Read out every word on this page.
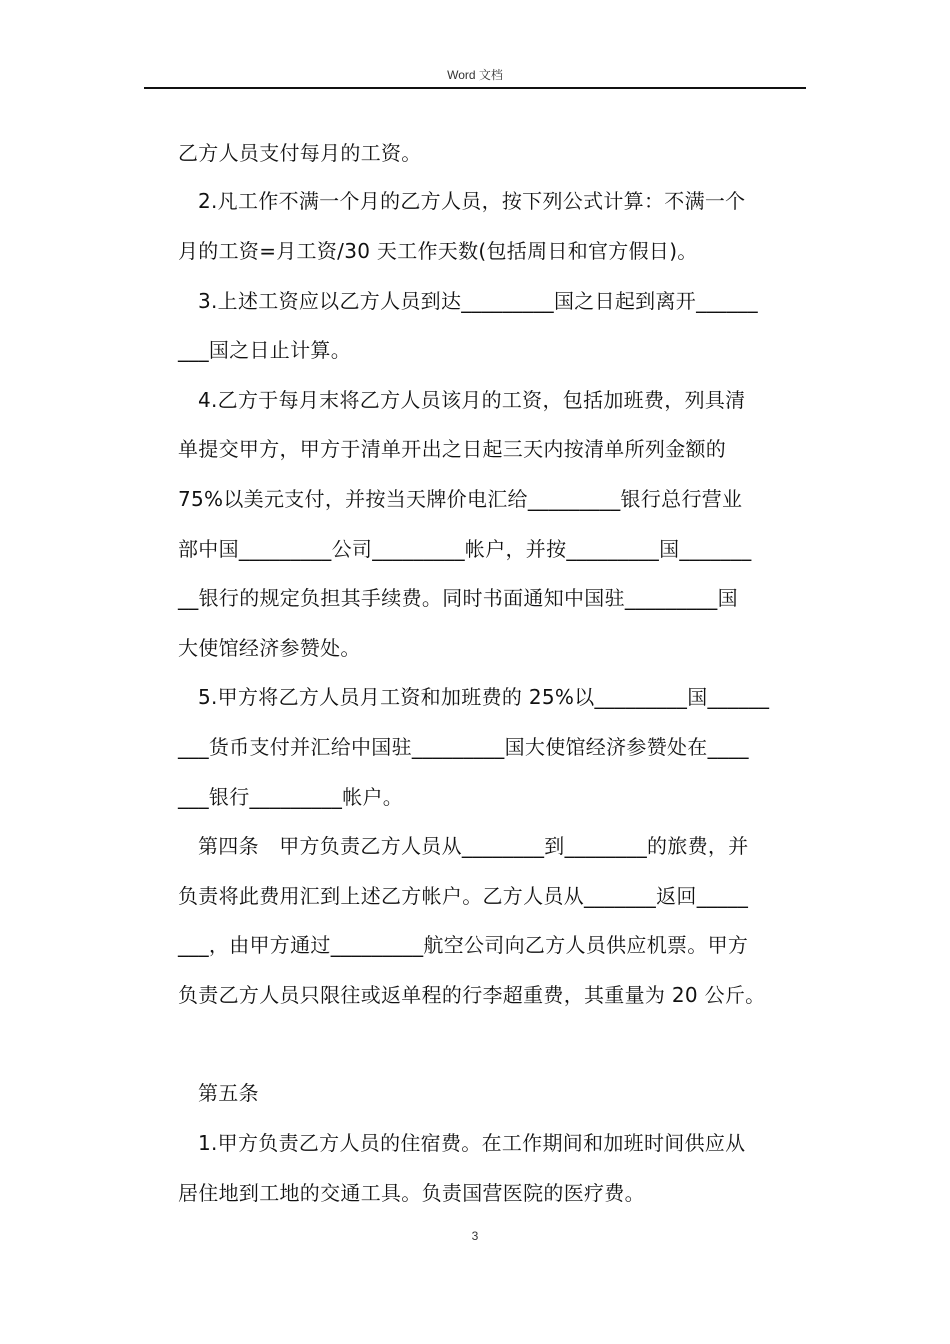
Word 文档
乙方人员支付每月的工资。
2.凡工作不满一个月的乙方人员，按下列公式计算：不满一个
月的工资=月工资/30 天工作天数(包括周日和官方假日)。
3.上述工资应以乙方人员到达_________国之日起到离开______
___国之日止计算。
4.乙方于每月末将乙方人员该月的工资，包括加班费，列具清
单提交甲方，甲方于清单开出之日起三天内按清单所列金额的
75%以美元支付，并按当天牌价电汇给_________银行总行营业
部中国_________公司_________帐户，并按_________国_______
__银行的规定负担其手续费。同时书面通知中国驻_________国
大使馆经济参赞处。
5.甲方将乙方人员月工资和加班费的 25%以_________国______
___货币支付并汇给中国驻_________国大使馆经济参赞处在____
___银行_________帐户。
第四条　甲方负责乙方人员从________到________的旅费，并
负责将此费用汇到上述乙方帐户。乙方人员从_______返回_____
___，由甲方通过_________航空公司向乙方人员供应机票。甲方
负责乙方人员只限往或返单程的行李超重费，其重量为 20 公斤。
第五条
1.甲方负责乙方人员的住宿费。在工作期间和加班时间供应从
居住地到工地的交通工具。负责国营医院的医疗费。
3
